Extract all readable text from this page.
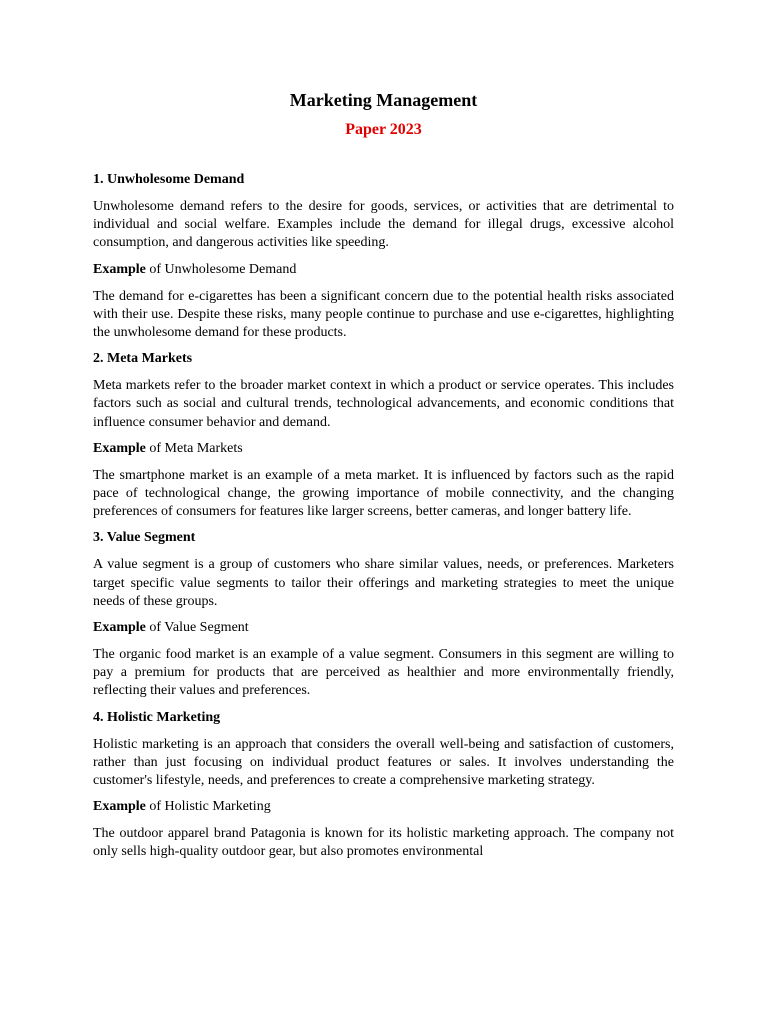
Marketing Management
Paper 2023
1. Unwholesome Demand

Unwholesome demand refers to the desire for goods, services, or activities that are detrimental to individual and social welfare. Examples include the demand for illegal drugs, excessive alcohol consumption, and dangerous activities like speeding.

Example of Unwholesome Demand

The demand for e-cigarettes has been a significant concern due to the potential health risks associated with their use. Despite these risks, many people continue to purchase and use e-cigarettes, highlighting the unwholesome demand for these products.

2. Meta Markets

Meta markets refer to the broader market context in which a product or service operates. This includes factors such as social and cultural trends, technological advancements, and economic conditions that influence consumer behavior and demand.

Example of Meta Markets

The smartphone market is an example of a meta market. It is influenced by factors such as the rapid pace of technological change, the growing importance of mobile connectivity, and the changing preferences of consumers for features like larger screens, better cameras, and longer battery life.

3. Value Segment

A value segment is a group of customers who share similar values, needs, or preferences. Marketers target specific value segments to tailor their offerings and marketing strategies to meet the unique needs of these groups.

Example of Value Segment

The organic food market is an example of a value segment. Consumers in this segment are willing to pay a premium for products that are perceived as healthier and more environmentally friendly, reflecting their values and preferences.

4. Holistic Marketing

Holistic marketing is an approach that considers the overall well-being and satisfaction of customers, rather than just focusing on individual product features or sales. It involves understanding the customer's lifestyle, needs, and preferences to create a comprehensive marketing strategy.

Example of Holistic Marketing

The outdoor apparel brand Patagonia is known for its holistic marketing approach. The company not only sells high-quality outdoor gear, but also promotes environmental
